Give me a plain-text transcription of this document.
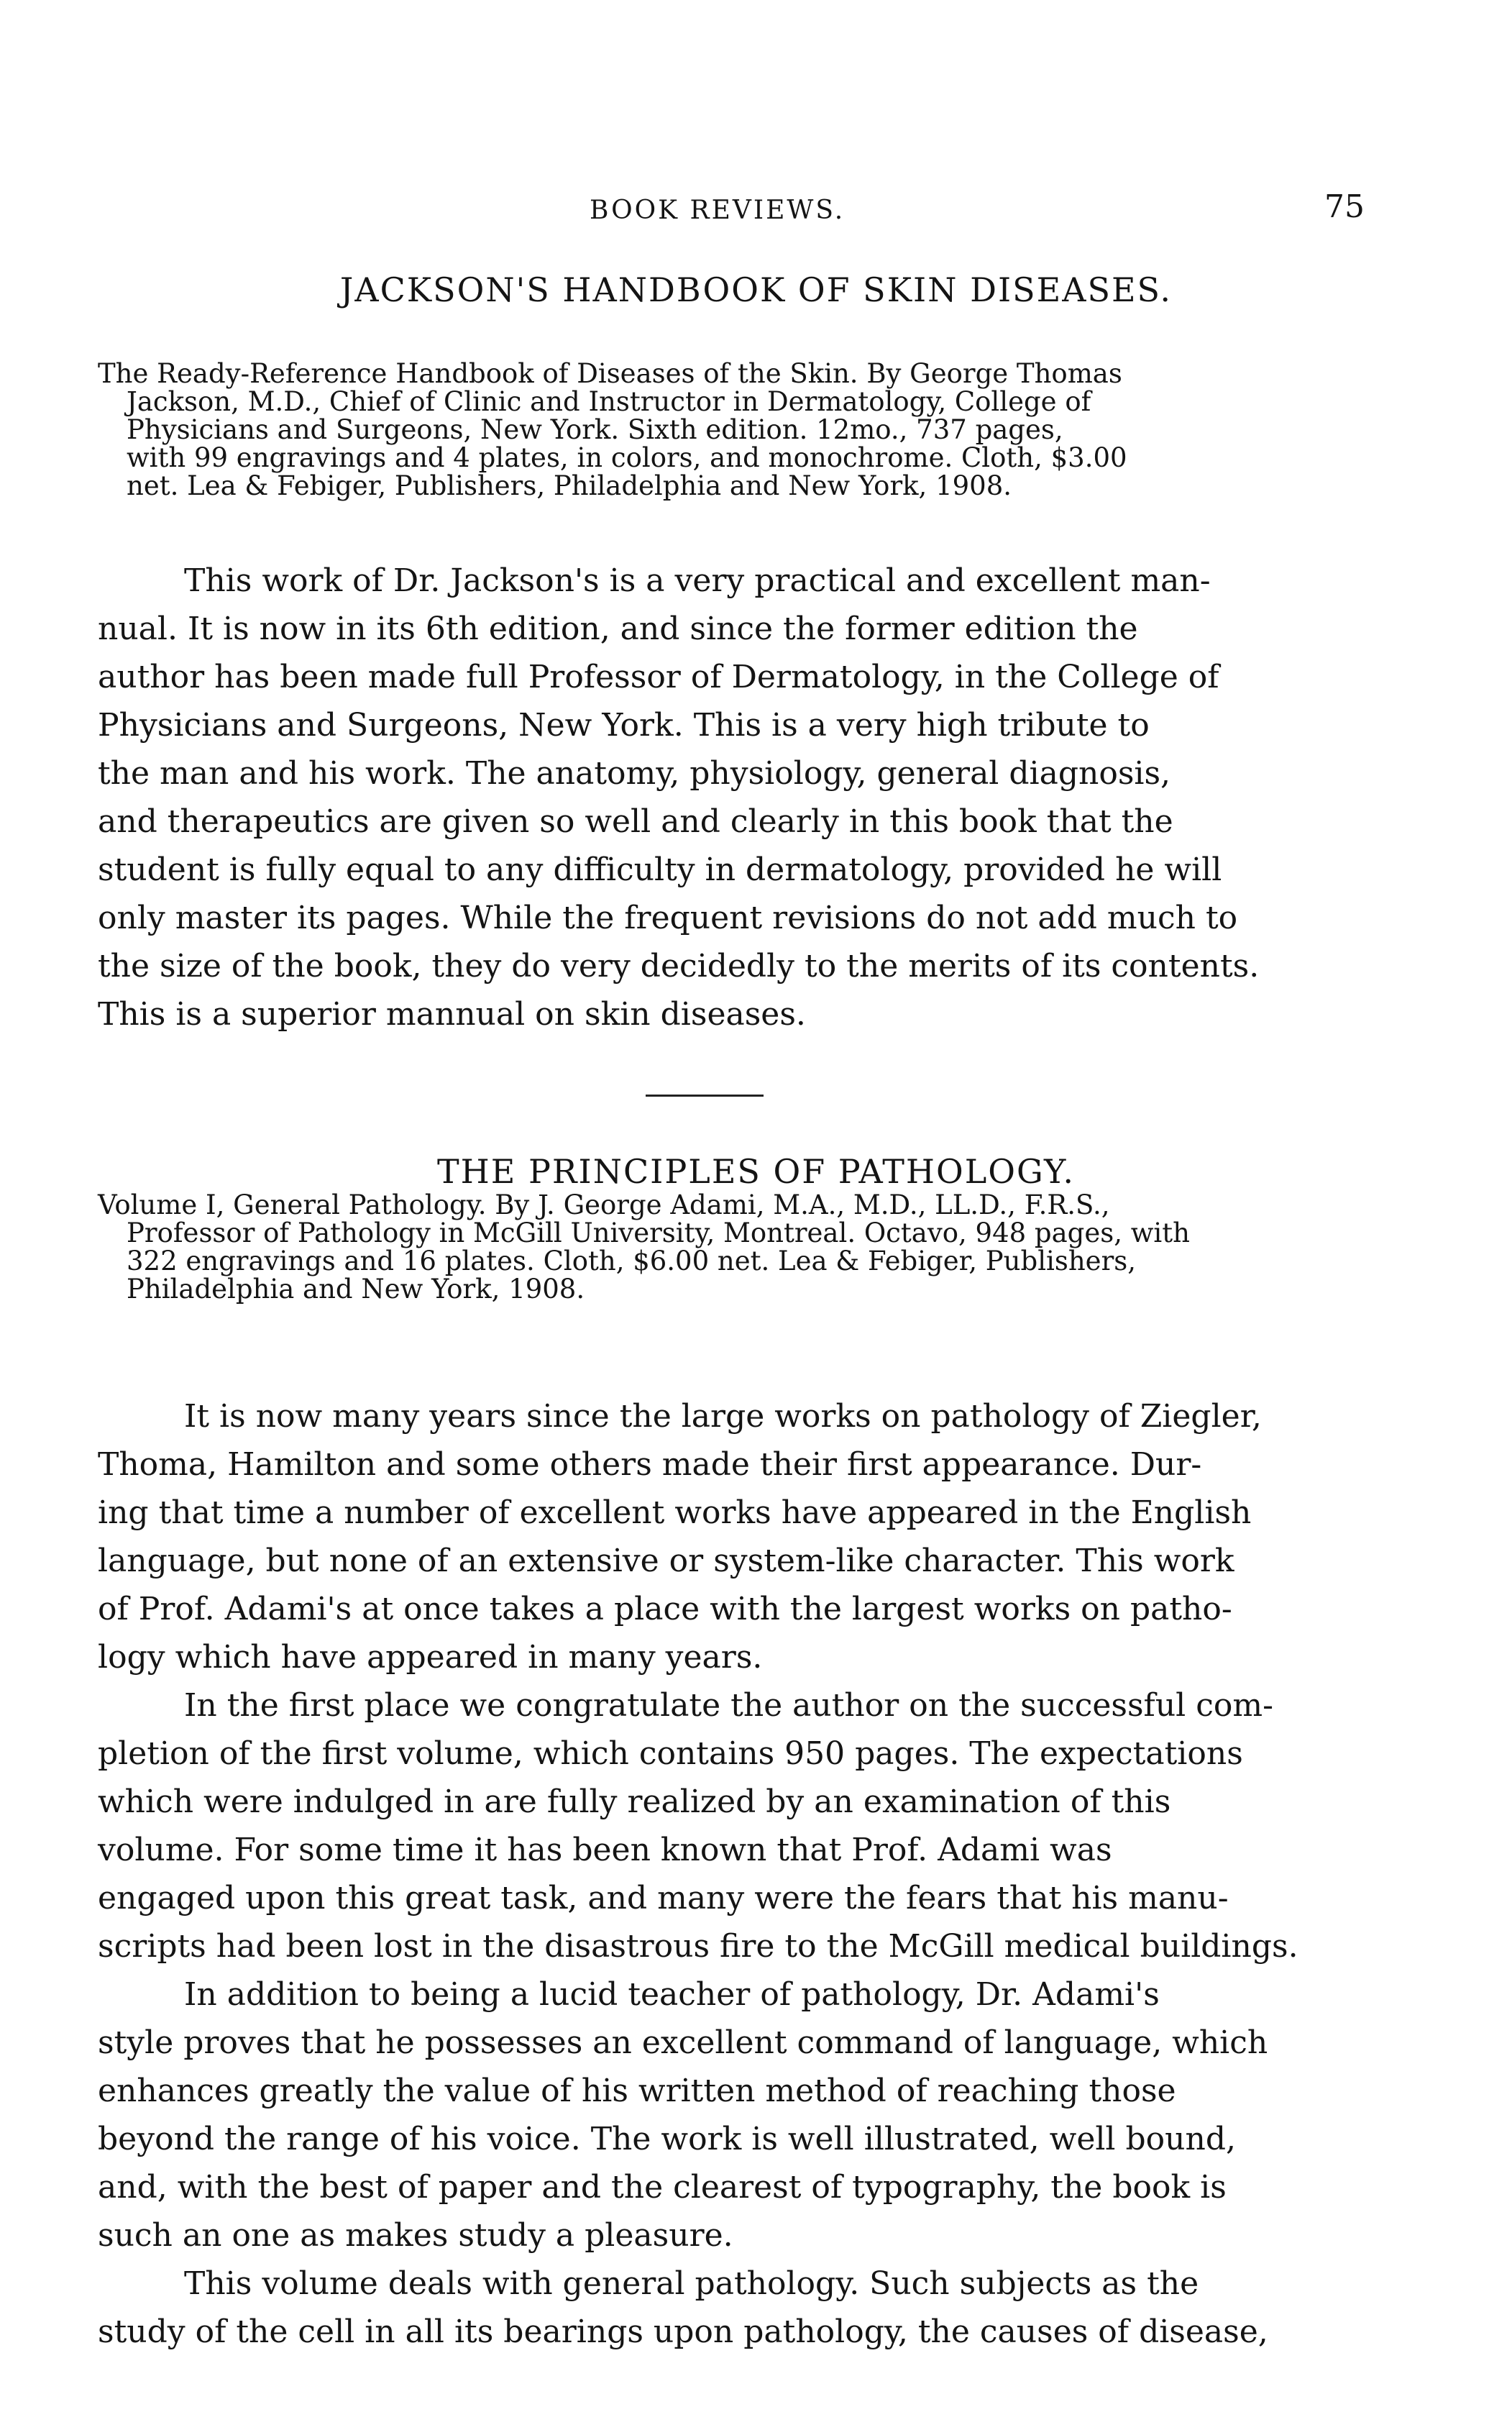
BOOK REVIEWS.	75
JACKSON'S HANDBOOK OF SKIN DISEASES.
The Ready-Reference Handbook of Diseases of the Skin. By George Thomas
Jackson, M.D., Chief of Clinic and Instructor in Dermatology, College of
Physicians and Surgeons, New York. Sixth edition. 12mo., 737 pages,
with 99 engravings and 4 plates, in colors, and monochrome. Cloth, $3.00
net. Lea & Febiger, Publishers, Philadelphia and New York, 1908.
This work of Dr. Jackson's is a very practical and excellent man-
nual. It is now in its 6th edition, and since the former edition the
author has been made full Professor of Dermatology, in the College of
Physicians and Surgeons, New York. This is a very high tribute to
the man and his work. The anatomy, physiology, general diagnosis,
and therapeutics are given so well and clearly in this book that the
student is fully equal to any difficulty in dermatology, provided he will
only master its pages. While the frequent revisions do not add much to
the size of the book, they do very decidedly to the merits of its contents.
This is a superior mannual on skin diseases.
THE PRINCIPLES OF PATHOLOGY.
Volume I, General Pathology. By J. George Adami, M.A., M.D., LL.D., F.R.S.,
Professor of Pathology in McGill University, Montreal. Octavo, 948 pages, with
322 engravings and 16 plates. Cloth, $6.00 net. Lea & Febiger, Publishers,
Philadelphia and New York, 1908.
It is now many years since the large works on pathology of Ziegler,
Thoma, Hamilton and some others made their first appearance. Dur-
ing that time a number of excellent works have appeared in the English
language, but none of an extensive or system-like character. This work
of Prof. Adami's at once takes a place with the largest works on patho-
logy which have appeared in many years.
In the first place we congratulate the author on the successful com-
pletion of the first volume, which contains 950 pages. The expectations
which were indulged in are fully realized by an examination of this
volume. For some time it has been known that Prof. Adami was
engaged upon this great task, and many were the fears that his manu-
scripts had been lost in the disastrous fire to the McGill medical buildings.
In addition to being a lucid teacher of pathology, Dr. Adami's
style proves that he possesses an excellent command of language, which
enhances greatly the value of his written method of reaching those
beyond the range of his voice. The work is well illustrated, well bound,
and, with the best of paper and the clearest of typography, the book is
such an one as makes study a pleasure.
This volume deals with general pathology. Such subjects as the
study of the cell in all its bearings upon pathology, the causes of disease,
